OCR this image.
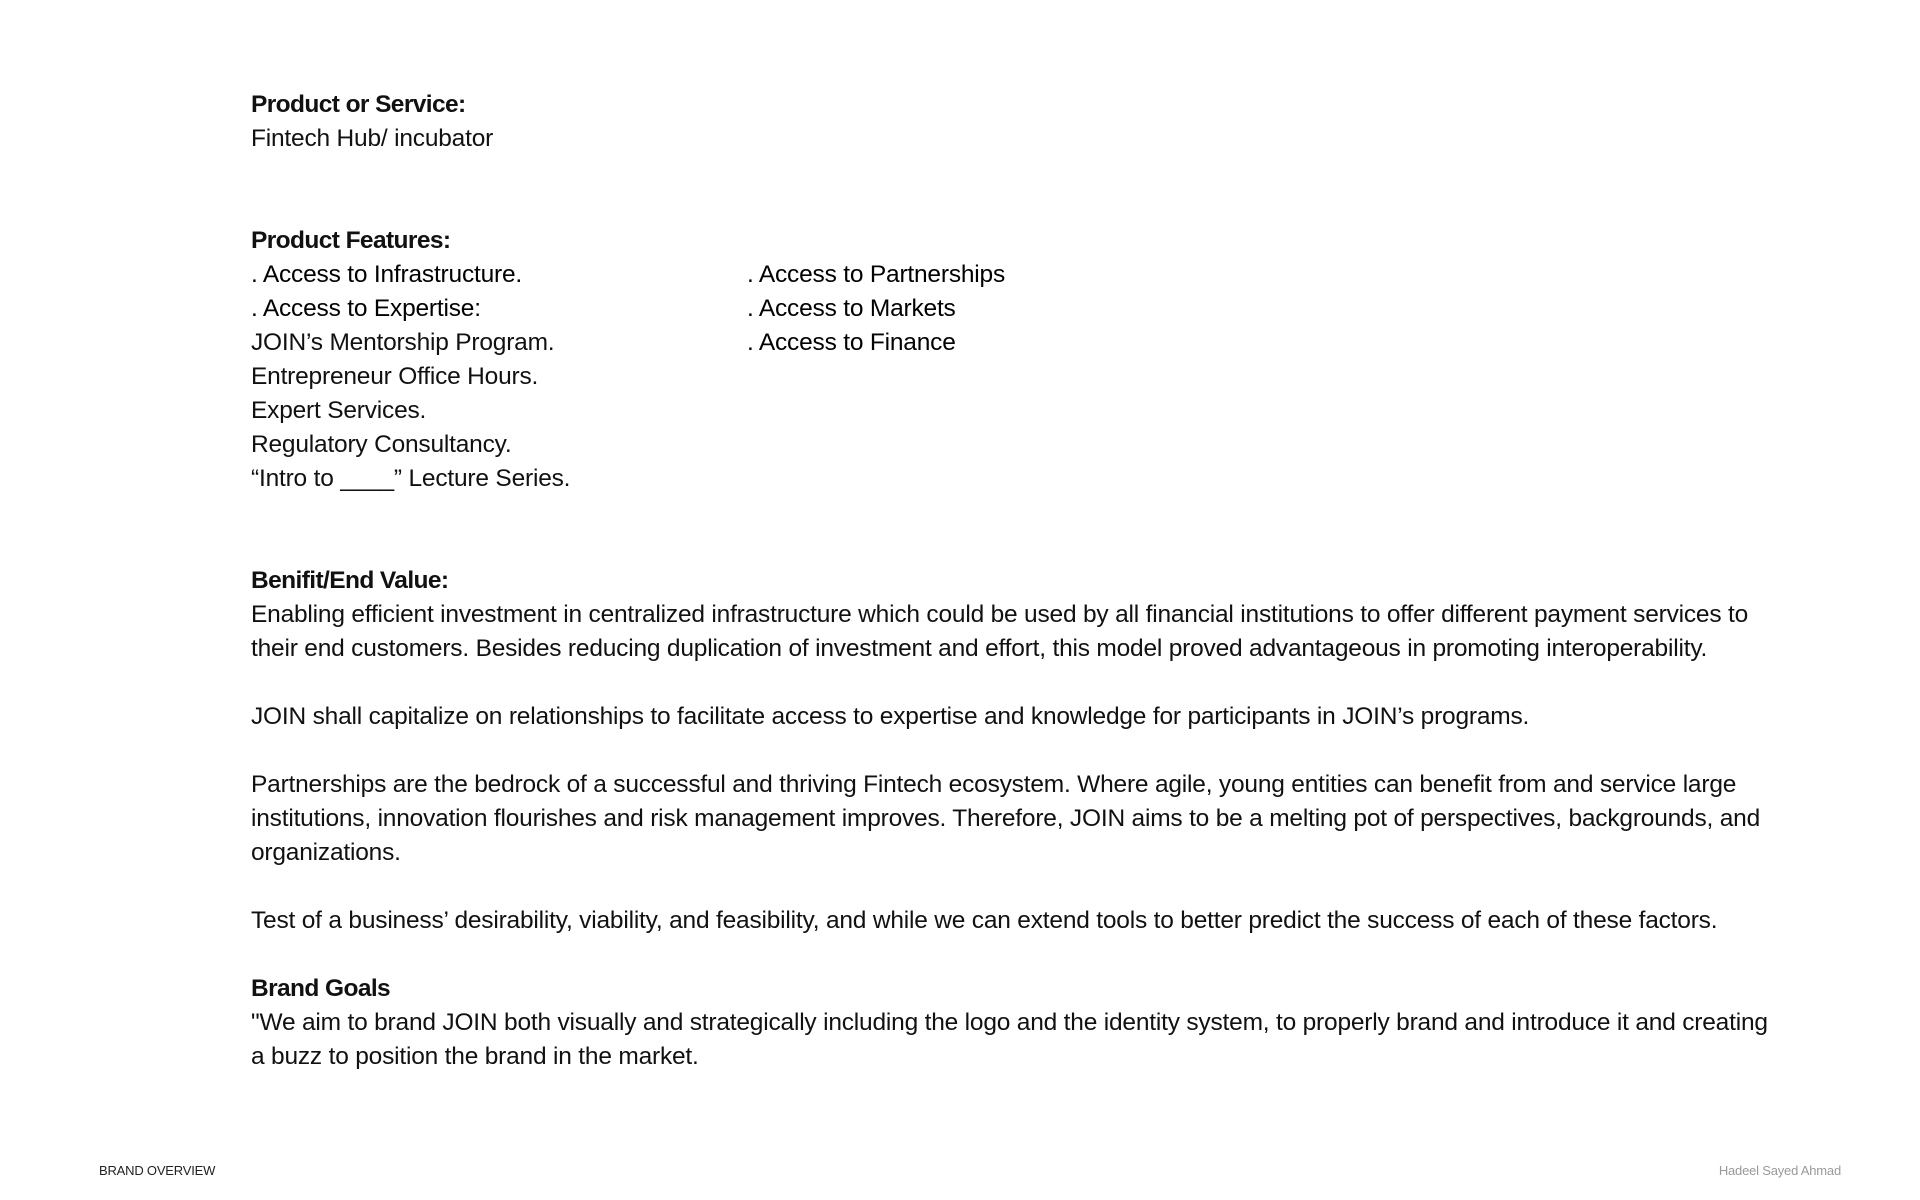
Product or Service:
Fintech Hub/ incubator
Product Features:
. Access to Infrastructure.
. Access to Expertise:
JOIN’s Mentorship Program.
Entrepreneur Office Hours.
Expert Services.
Regulatory Consultancy.
“Intro to ____” Lecture Series.
. Access to Partnerships
. Access to Markets
. Access to Finance
Benifit/End Value:

Enabling efficient investment in centralized infrastructure which could be used by all financial institutions to offer different payment services to their end customers. Besides reducing duplication of investment and effort, this model proved advantageous in promoting interoperability.

JOIN shall capitalize on relationships to facilitate access to expertise and knowledge for participants in JOIN’s programs.

Partnerships are the bedrock of a successful and thriving Fintech ecosystem. Where agile, young entities can benefit from and service large institutions, innovation flourishes and risk management improves. Therefore, JOIN aims to be a melting pot of perspectives, backgrounds, and organizations.

Test of a business’ desirability, viability, and feasibility, and while we can extend tools to better predict the success of each of these factors.

Brand Goals

"We aim to brand JOIN both visually and strategically including the logo and the identity system, to properly brand and introduce it and creating a buzz to position the brand in the market.

BRAND OVERVIEW	Hadeel Sayed Ahmad
